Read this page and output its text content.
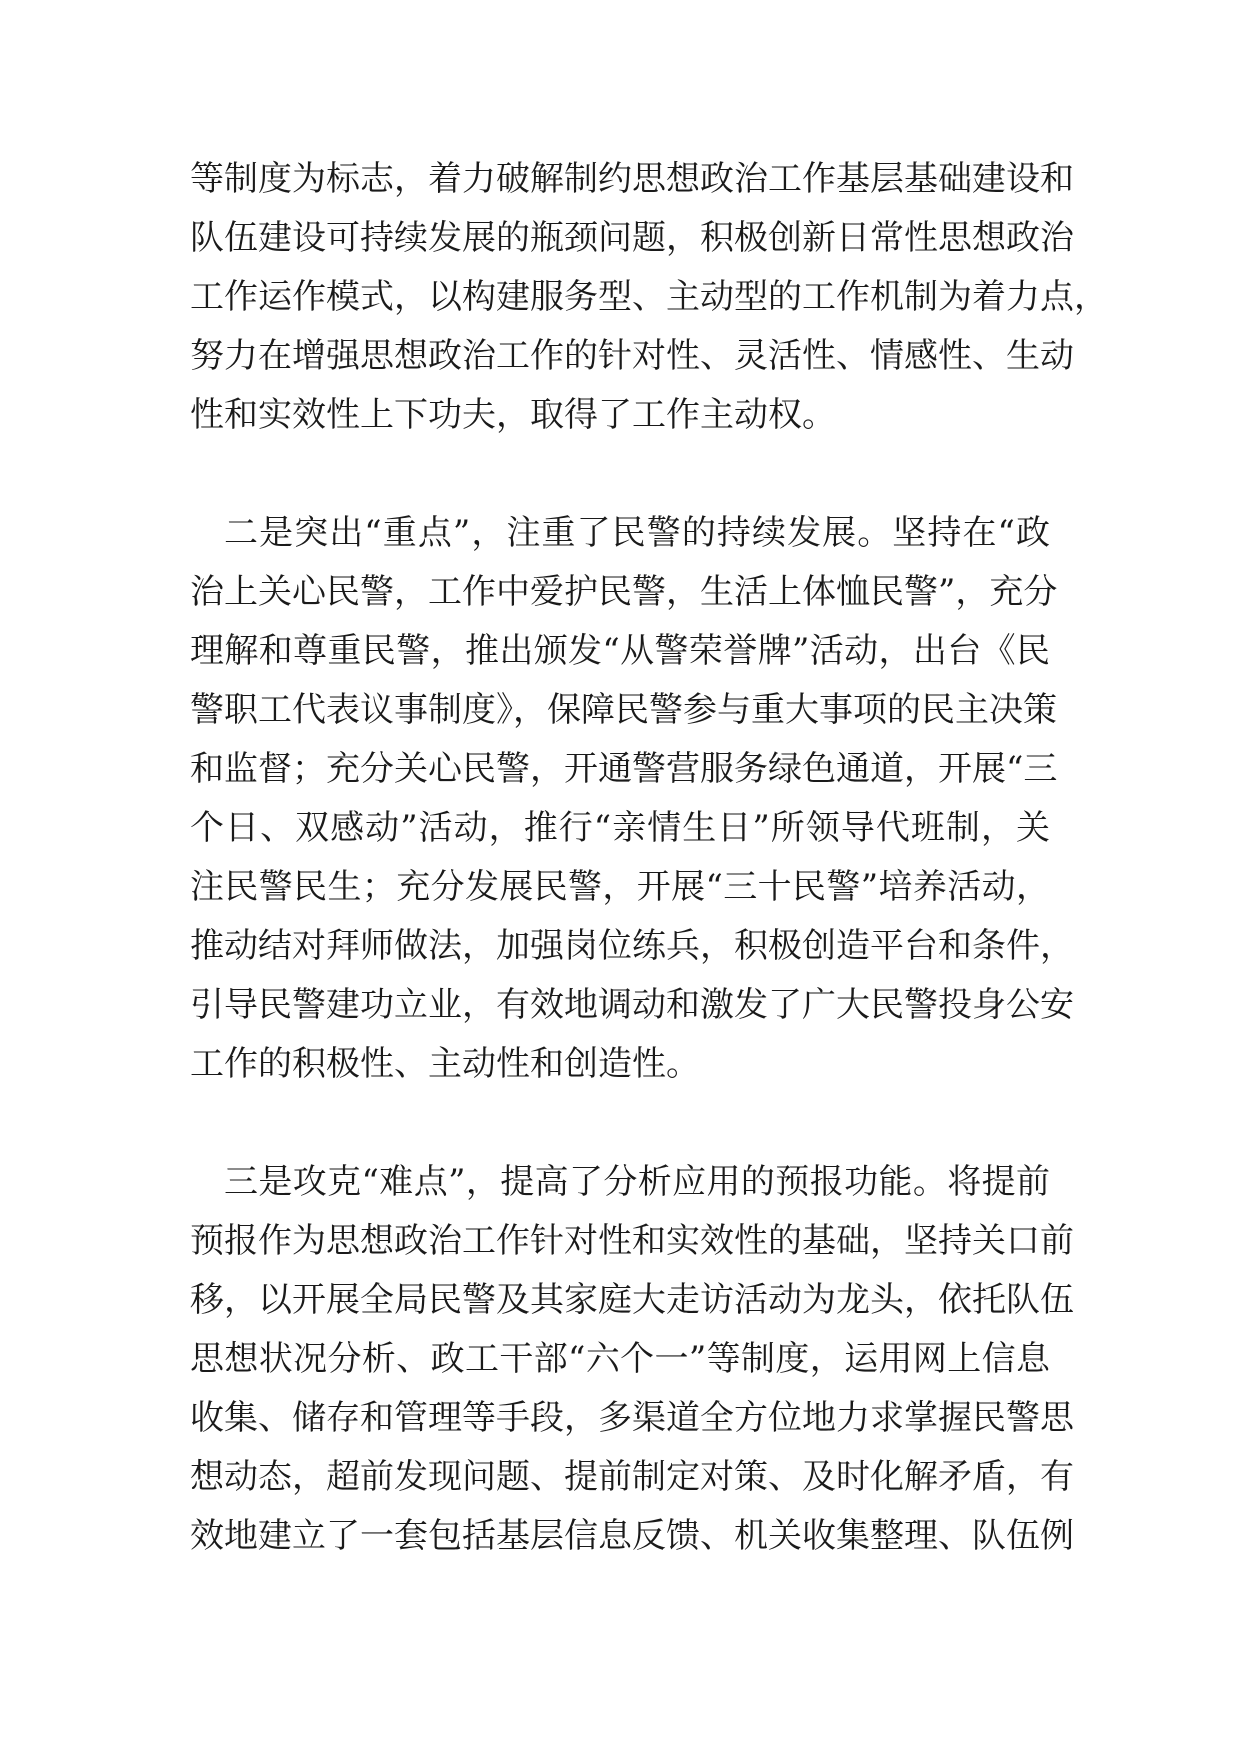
等制度为标志，着力破解制约思想政治工作基层基础建设和
队伍建设可持续发展的瓶颈问题，积极创新日常性思想政治
工作运作模式，以构建服务型、主动型的工作机制为着力点，
努力在增强思想政治工作的针对性、灵活性、情感性、生动
性和实效性上下功夫，取得了工作主动权。
二是突出“重点”，注重了民警的持续发展。坚持在“政
治上关心民警，工作中爱护民警，生活上体恤民警”，充分
理解和尊重民警，推出颁发“从警荣誉牌”活动，出台《民
警职工代表议事制度》，保障民警参与重大事项的民主决策
和监督；充分关心民警，开通警营服务绿色通道，开展“三
个日、双感动”活动，推行“亲情生日”所领导代班制，关
注民警民生；充分发展民警，开展“三十民警”培养活动，
推动结对拜师做法，加强岗位练兵，积极创造平台和条件，
引导民警建功立业，有效地调动和激发了广大民警投身公安
工作的积极性、主动性和创造性。
三是攻克“难点”，提高了分析应用的预报功能。将提前
预报作为思想政治工作针对性和实效性的基础，坚持关口前
移，以开展全局民警及其家庭大走访活动为龙头，依托队伍
思想状况分析、政工干部“六个一”等制度，运用网上信息
收集、储存和管理等手段，多渠道全方位地力求掌握民警思
想动态，超前发现问题、提前制定对策、及时化解矛盾，有
效地建立了一套包括基层信息反馈、机关收集整理、队伍例
